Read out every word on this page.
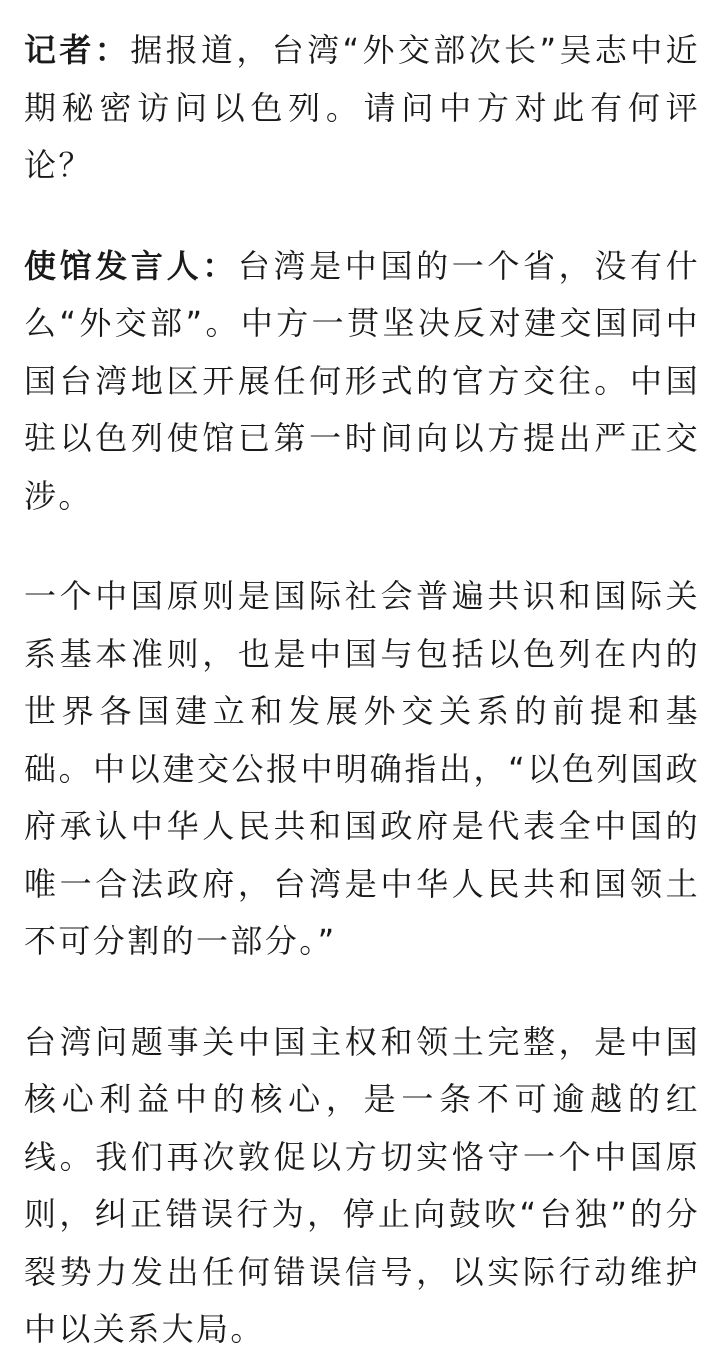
记者：据报道，台湾“外交部次长”吴志中近期秘密访问以色列。请问中方对此有何评论？

使馆发言人：台湾是中国的一个省，没有什么“外交部”。中方一贯坚决反对建交国同中国台湾地区开展任何形式的官方交往。中国驻以色列使馆已第一时间向以方提出严正交涉。

一个中国原则是国际社会普遍共识和国际关系基本准则，也是中国与包括以色列在内的世界各国建立和发展外交关系的前提和基础。中以建交公报中明确指出，“以色列国政府承认中华人民共和国政府是代表全中国的唯一合法政府，台湾是中华人民共和国领土不可分割的一部分。”

台湾问题事关中国主权和领土完整，是中国核心利益中的核心，是一条不可逾越的红线。我们再次敦促以方切实恪守一个中国原则，纠正错误行为，停止向鼓吹“台独”的分裂势力发出任何错误信号，以实际行动维护中以关系大局。
